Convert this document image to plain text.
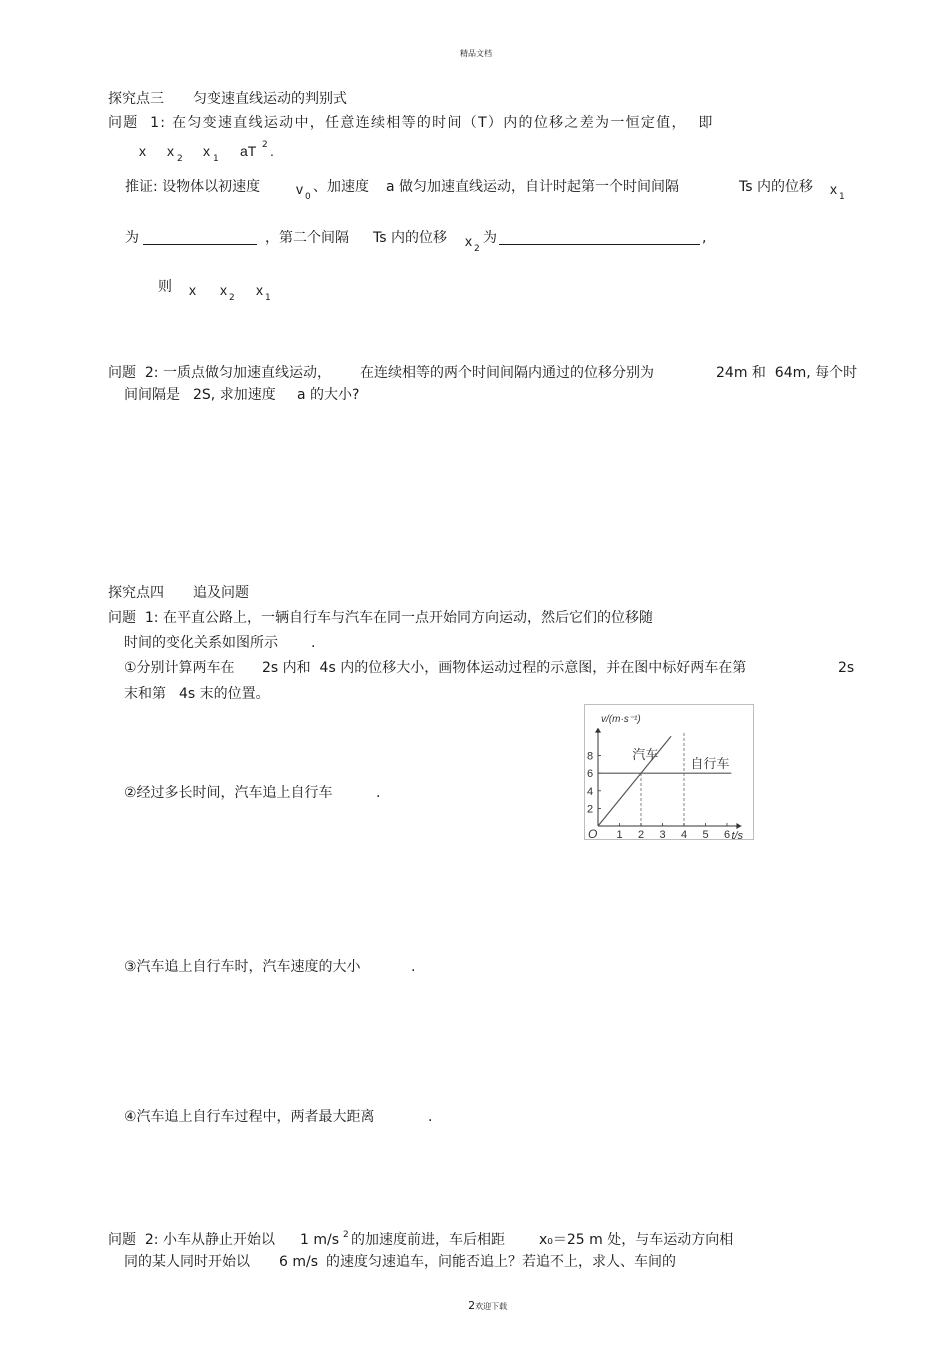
精品文档
探究点三 匀变速直线运动的判别式
问题  1: 在匀变速直线运动中，任意连续相等的时间（T）内的位移之差为一恒定值，  即
x x 2 x 1 aT 2 .
推证: 设物体以初速度	v 0
、加速度 a 做匀加速直线运动，自计时起第一个时间间隔	Ts 内的位移 x 1
为	，第二个间隔 Ts 内的位移 x 2
为	,
则 x x 2 x 1
问题  2: 一质点做匀加速直线运动， 在连续相等的两个时间间隔内通过的位移分别为	24m 和  64m, 每个时
间间隔是 2S, 求加速度 a 的大小?
探究点四 追及问题
问题  1: 在平直公路上，一辆自行车与汽车在同一点开始同方向运动，然后它们的位移随
时间的变化关系如图所示 .
①分别计算两车在 2s 内和  4s 内的位移大小，画物体运动过程的示意图，并在图中标好两车在第	2s
末和第 4s 末的位置。
②经过多长时间，汽车追上自行车	.
1 2 3 4 5 6
2
4
6
8
O
v/(m·s⁻¹)
t/s
汽车
自行车
③汽车追上自行车时，汽车速度的大小	.
④汽车追上自行车过程中，两者最大距离	.
问题  2: 小车从静止开始以 1 m/s 2 的加速度前进，车后相距 x₀＝25 m 处，与车运动方向相
同的某人同时开始以 6 m/s 的速度匀速追车，问能否追上？若追不上，求人、车间的

2欢迎下载
